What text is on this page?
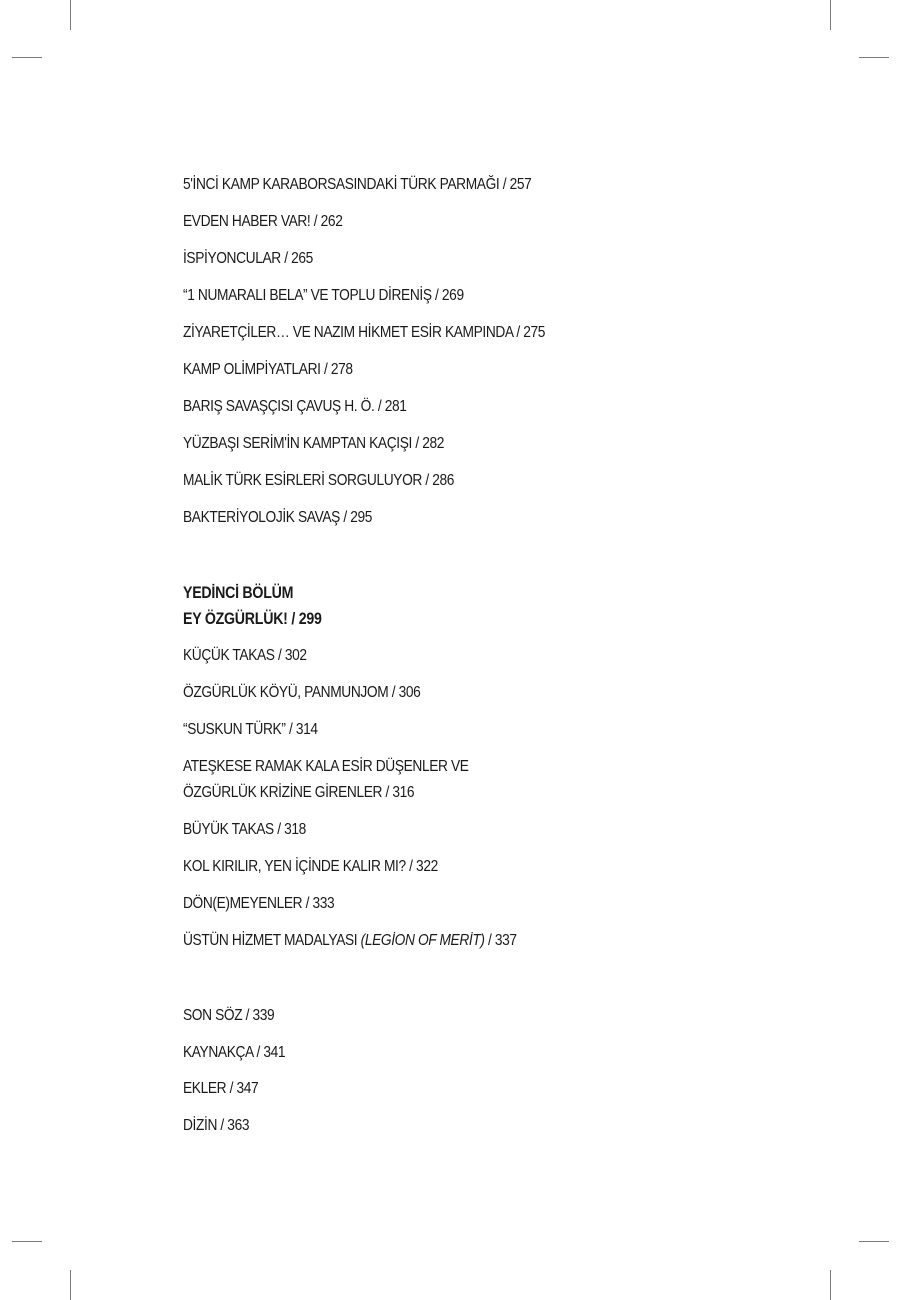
5'İNCİ KAMP KARABORSASINDAKİ TÜRK PARMAĞI / 257
EVDEN HABER VAR! / 262
İSPİYONCULAR / 265
“1 NUMARALI BELA” VE TOPLU DİRENİŞ / 269
ZİYARETÇİLER… VE NAZIM HİKMET ESİR KAMPINDA / 275
KAMP OLİMPİYATLARI / 278
BARIŞ SAVAŞÇISI ÇAVUŞ H. Ö. / 281
YÜZBAŞI SERİM'İN KAMPTAN KAÇIŞI / 282
MALİK TÜRK ESİRLERİ SORGULUYOR / 286
BAKTERİYOLOJİK SAVAŞ / 295
YEDİNCİ BÖLÜM
EY ÖZGÜRLÜK! / 299
KÜÇÜK TAKAS / 302
ÖZGÜRLÜK KÖYÜ, PANMUNJOM / 306
“SUSKUN TÜRK” / 314
ATEŞKESE RAMAK KALA ESİR DÜŞENLER VE
ÖZGÜRLÜK KRİZİNE GİRENLER / 316
BÜYÜK TAKAS / 318
KOL KIRILIR, YEN İÇİNDE KALIR MI? / 322
DÖN(E)MEYENLER / 333
ÜSTÜN HİZMET MADALYASI (LEGİON OF MERİT) / 337
SON SÖZ / 339
KAYNAKÇA / 341
EKLER / 347
DİZİN / 363
